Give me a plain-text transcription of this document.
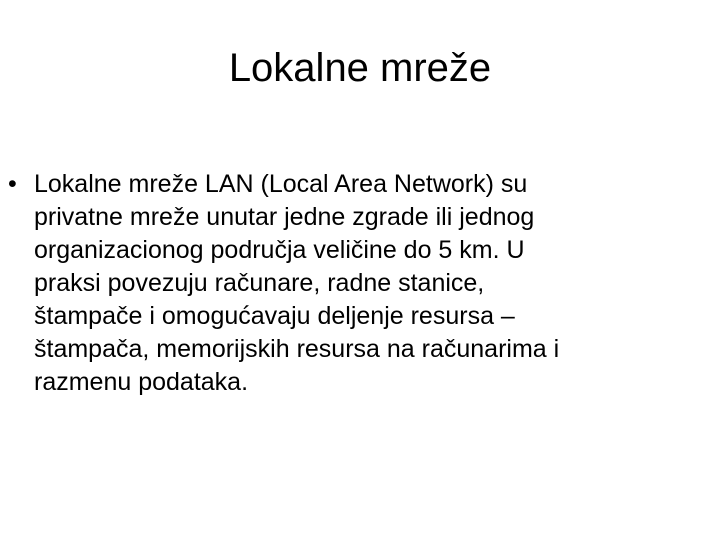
Lokalne mreže
• Lokalne mreže LAN (Local Area Network) su
privatne mreže unutar jedne zgrade ili jednog
organizacionog područja veličine do 5 km. U
praksi povezuju računare, radne stanice,
štampače i omogućavaju deljenje resursa –
štampača, memorijskih resursa na računarima i
razmenu podataka.
